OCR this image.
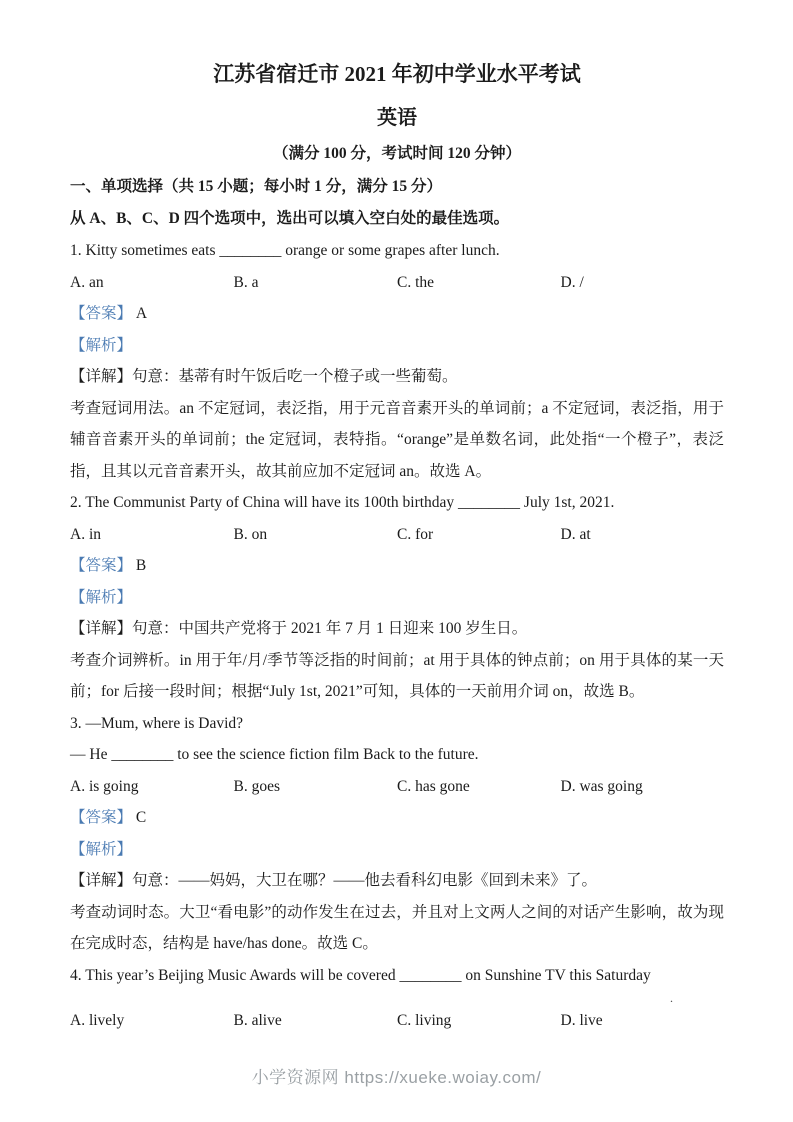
江苏省宿迁市 2021 年初中学业水平考试
英语
（满分 100 分，考试时间 120 分钟）
一、单项选择（共 15 小题；每小时 1 分，满分 15 分）
从 A、B、C、D 四个选项中，选出可以填入空白处的最佳选项。
1. Kitty sometimes eats ________ orange or some grapes after lunch.
A. an	B. a	C. the	D. /
【答案】 A
【解析】
【详解】句意：基蒂有时午饭后吃一个橙子或一些葡萄。
考查冠词用法。an 不定冠词，表泛指，用于元音音素开头的单词前；a 不定冠词，表泛指，用于辅音音素开头的单词前；the 定冠词，表特指。“orange”是单数名词，此处指“一个橙子”，表泛指，且其以元音音素开头，故其前应加不定冠词 an。故选 A。
2. The Communist Party of China will have its 100th birthday ________ July 1st, 2021.
A. in	B. on	C. for	D. at
【答案】 B
【解析】
【详解】句意：中国共产党将于 2021 年 7 月 1 日迎来 100 岁生日。
考查介词辨析。in 用于年/月/季节等泛指的时间前；at 用于具体的钟点前；on 用于具体的某一天前；for 后接一段时间；根据“July 1st, 2021”可知，具体的一天前用介词 on，故选 B。
3. —Mum, where is David?
— He ________ to see the science fiction film Back to the future.
A. is going	B. goes	C. has gone	D. was going
【答案】 C
【解析】
【详解】句意：——妈妈，大卫在哪？——他去看科幻电影《回到未来》了。
考查动词时态。大卫“看电影”的动作发生在过去，并且对上文两人之间的对话产生影响，故为现在完成时态，结构是 have/has done。故选 C。
4. This year’s Beijing Music Awards will be covered ________ on Sunshine TV this Saturday
.
A. lively	B. alive	C. living	D. live
小学资源网 https://xueke.woiay.com/
